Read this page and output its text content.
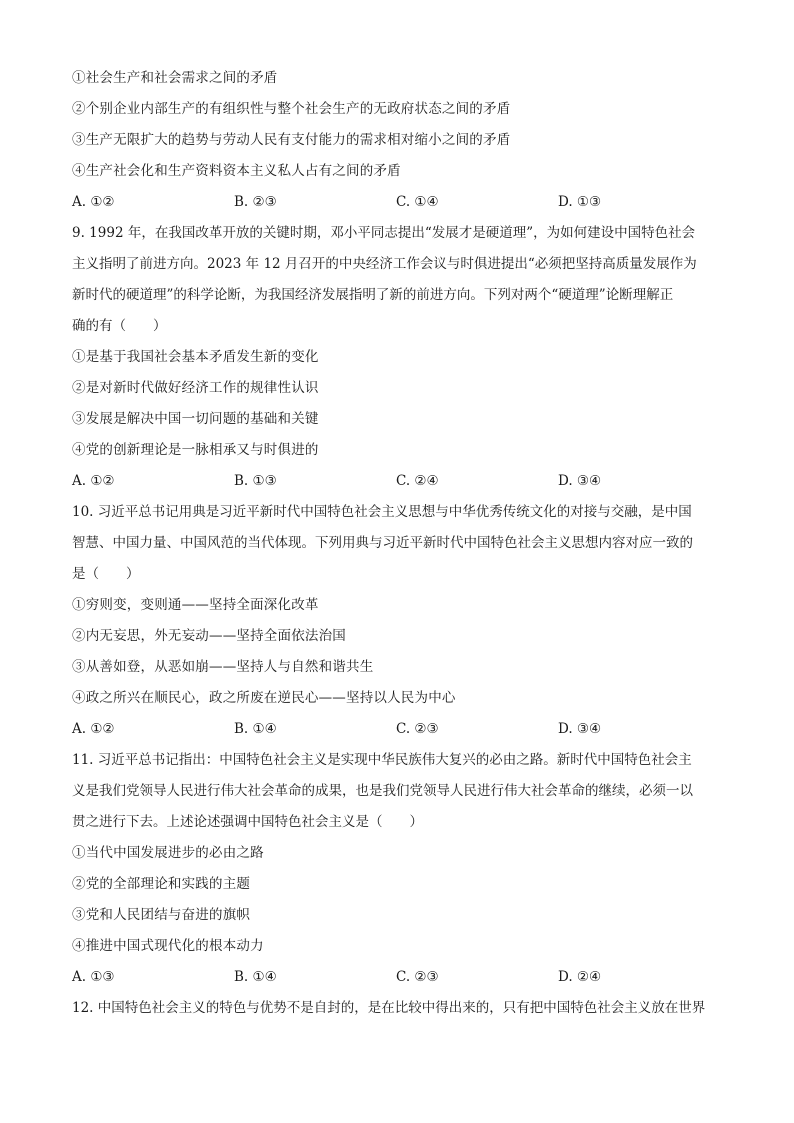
①社会生产和社会需求之间的矛盾
②个别企业内部生产的有组织性与整个社会生产的无政府状态之间的矛盾
③生产无限扩大的趋势与劳动人民有支付能力的需求相对缩小之间的矛盾
④生产社会化和生产资料资本主义私人占有之间的矛盾
A. ①②	B. ②③	C. ①④	D. ①③
9. 1992 年，在我国改革开放的关键时期，邓小平同志提出“发展才是硬道理”，为如何建设中国特色社会
主义指明了前进方向。2023 年 12 月召开的中央经济工作会议与时俱进提出“必须把坚持高质量发展作为
新时代的硬道理”的科学论断，为我国经济发展指明了新的前进方向。下列对两个“硬道理”论断理解正
确的有（　　）
①是基于我国社会基本矛盾发生新的变化
②是对新时代做好经济工作的规律性认识
③发展是解决中国一切问题的基础和关键
④党的创新理论是一脉相承又与时俱进的
A. ①②	B. ①③	C. ②④	D. ③④
10. 习近平总书记用典是习近平新时代中国特色社会主义思想与中华优秀传统文化的对接与交融，是中国
智慧、中国力量、中国风范的当代体现。下列用典与习近平新时代中国特色社会主义思想内容对应一致的
是（　　）
①穷则变，变则通——坚持全面深化改革
②内无妄思，外无妄动——坚持全面依法治国
③从善如登，从恶如崩——坚持人与自然和谐共生
④政之所兴在顺民心，政之所废在逆民心——坚持以人民为中心
A. ①②	B. ①④	C. ②③	D. ③④
11. 习近平总书记指出：中国特色社会主义是实现中华民族伟大复兴的必由之路。新时代中国特色社会主
义是我们党领导人民进行伟大社会革命的成果，也是我们党领导人民进行伟大社会革命的继续，必须一以
贯之进行下去。上述论述强调中国特色社会主义是（　　）
①当代中国发展进步的必由之路
②党的全部理论和实践的主题
③党和人民团结与奋进的旗帜
④推进中国式现代化的根本动力
A. ①③	B. ①④	C. ②③	D. ②④
12. 中国特色社会主义的特色与优势不是自封的，是在比较中得出来的，只有把中国特色社会主义放在世界
